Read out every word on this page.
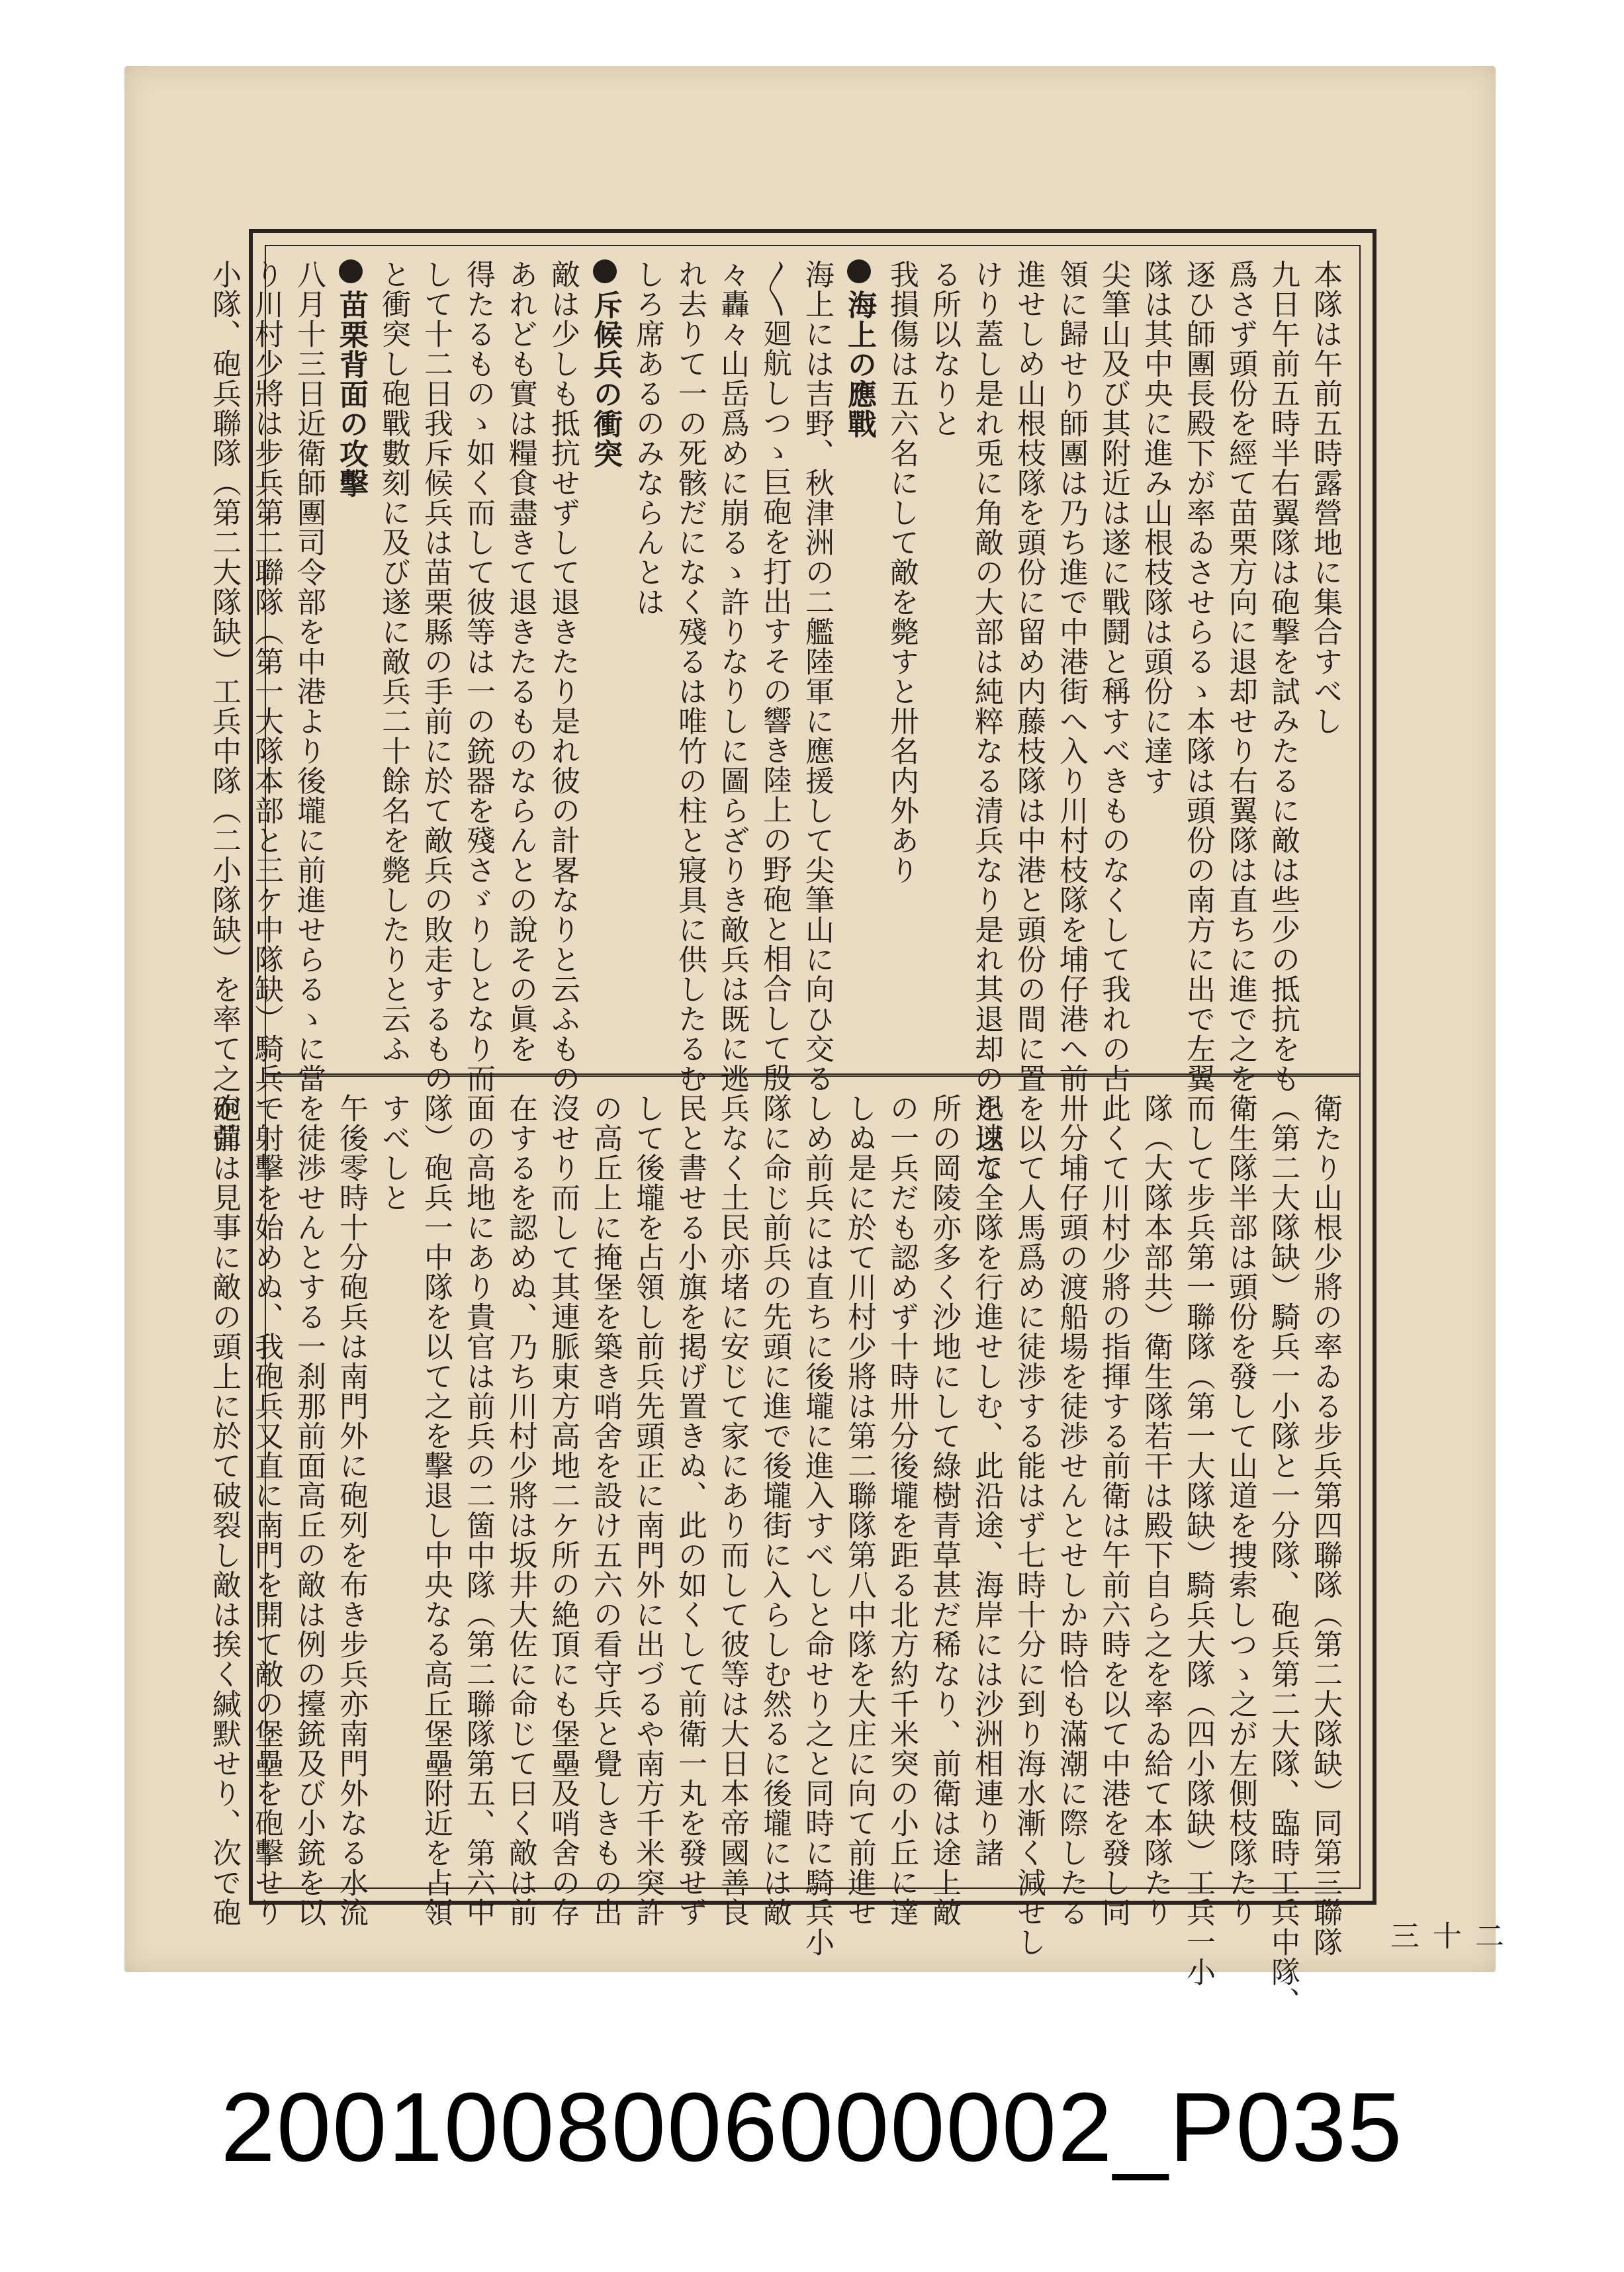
本隊は午前五時露營地に集合すべし
九日午前五時半右翼隊は砲撃を試みたるに敵は些少の抵抗をも
爲さず頭份を經て苗栗方向に退却せり右翼隊は直ちに進で之を
逐ひ師團長殿下が率ゐさせらるゝ本隊は頭份の南方に出で左翼
隊は其中央に進み山根枝隊は頭份に達す
尖筆山及び其附近は遂に戰鬪と稱すべきものなくして我れの占
領に歸せり師團は乃ち進で中港街へ入り川村枝隊を埔仔港へ前
進せしめ山根枝隊を頭份に留め内藤枝隊は中港と頭份の間に置
けり蓋し是れ兎に角敵の大部は純粹なる清兵なり是れ其退却の迅速な
る所以なりと
我損傷は五六名にして敵を斃すと卅名内外あり
海上の應戰
海上には吉野、秋津洲の二艦陸軍に應援して尖筆山に向ひ交る
〳〵廻航しつゝ巨砲を打出すその響き陸上の野砲と相合して殷
々轟々山岳爲めに崩るゝ許りなりしに圖らざりき敵兵は既に逃
れ去りて一の死骸だになく殘るは唯竹の柱と寢具に供したるむ
しろ席あるのみならんとは
斥候兵の衝突
敵は少しも抵抗せずして退きたり是れ彼の計畧なりと云ふもの
あれども實は糧食盡きて退きたるものならんとの說その眞を
得たるものゝ如く而して彼等は一の銃器を殘さゞりしとなり而
して十二日我斥候兵は苗栗縣の手前に於て敵兵の敗走するもの
と衝突し砲戰數刻に及び遂に敵兵二十餘名を斃したりと云ふ
苗栗背面の攻擊
八月十三日近衛師團司令部を中港より後壠に前進せらるゝに當
り川村少將は步兵第二聯隊（第一大隊本部と三ケ中隊缺）騎兵一
小隊、砲兵聯隊（第二大隊缺）工兵中隊（二小隊缺）を率て之が前
衛たり山根少將の率ゐる步兵第四聯隊（第二大隊缺）同第三聯隊
（第二大隊缺）騎兵一小隊と一分隊、砲兵第二大隊、臨時工兵中隊、
衛生隊半部は頭份を發して山道を捜索しつゝ之が左側枝隊たり
而して步兵第一聯隊（第一大隊缺）騎兵大隊（四小隊缺）工兵一小
隊（大隊本部共）衛生隊若干は殿下自ら之を率ゐ給て本隊たり
此くて川村少將の指揮する前衛は午前六時を以て中港を發し同
卅分埔仔頭の渡船場を徒渉せんとせしか時恰も滿潮に際したる
を以て人馬爲めに徒渉する能はず七時十分に到り海水漸く減せし
を以て全隊を行進せしむ、此沿途、海岸には沙洲相連り諸
所の岡陵亦多く沙地にして綠樹青草甚だ稀なり、前衛は途上敵
の一兵だも認めず十時卅分後壠を距る北方約千米突の小丘に達
しぬ是に於て川村少將は第二聯隊第八中隊を大庄に向て前進せ
しめ前兵には直ちに後壠に進入すべしと命せり之と同時に騎兵小
隊に命じ前兵の先頭に進で後壠街に入らしむ然るに後壠には敵
兵なく土民亦堵に安じて家にあり而して彼等は大日本帝國善良
民と書せる小旗を掲げ置きぬ、此の如くして前衛一丸を發せず
して後壠を占領し前兵先頭正に南門外に出づるや南方千米突許
の高丘上に掩堡を築き哨舍を設け五六の看守兵と覺しきもの出
沒せり而して其連脈東方高地二ケ所の絶頂にも堡壘及哨舍の存
在するを認めぬ、乃ち川村少將は坂井大佐に命じて曰く敵は前
面の高地にあり貴官は前兵の二箇中隊（第二聯隊第五、第六中
隊）砲兵一中隊を以て之を擊退し中央なる高丘堡壘附近を占領
すべしと
午後零時十分砲兵は南門外に砲列を布き步兵亦南門外なる水流
を徒渉せんとする一刹那前面高丘の敵は例の擡銃及び小銃を以
て射擊を始めぬ、我砲兵又直に南門を開て敵の堡壘を砲擊せり
砲彈は見事に敵の頭上に於て破裂し敵は挨く緘默せり、次で砲
二十三
2001008006000002_P035
